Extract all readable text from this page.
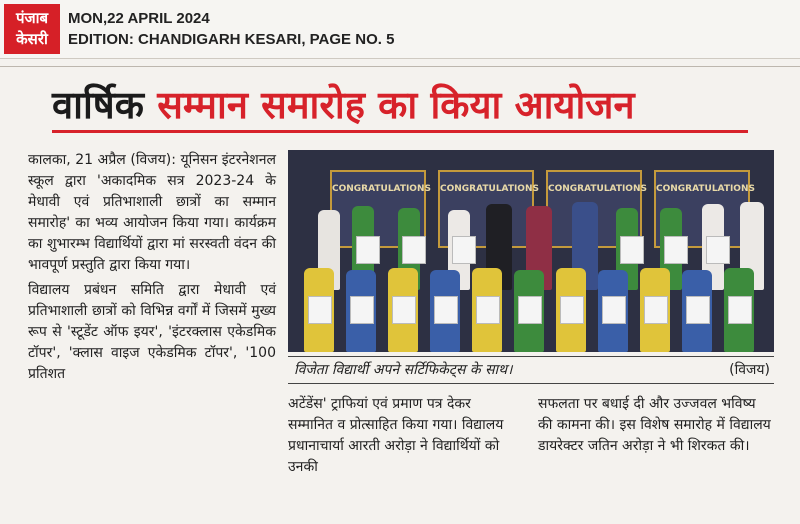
पंजाब
केसरी
MON,22 APRIL 2024
EDITION: CHANDIGARH KESARI, PAGE NO. 5
वार्षिक सम्मान समारोह का किया आयोजन

कालका, 21 अप्रैल (विजय): यूनिसन इंटरनेशनल स्कूल द्वारा 'अकादमिक सत्र 2023-24 के मेधावी एवं प्रतिभाशाली छात्रों का सम्मान समारोह' का भव्य आयोजन किया गया। कार्यक्रम का शुभारम्भ विद्यार्थियों द्वारा मां सरस्वती वंदन की भावपूर्ण प्रस्तुति द्वारा किया गया।

विद्यालय प्रबंधन समिति द्वारा मेधावी एवं प्रतिभाशाली छात्रों को विभिन्न वर्गों में जिसमें मुख्य रूप से 'स्टूडेंट ऑफ इयर', 'इंटरक्लास एकेडमिक टॉपर', 'क्लास वाइज एकेडमिक टॉपर', '100 प्रतिशत

CONGRATULATIONS CONGRATULATIONS CONGRATULATIONS CONGRATULATIONS
विजेता विद्यार्थी अपने सर्टिफिकेट्स के साथ।	(विजय)
अटेंडेंस' ट्राफियां एवं प्रमाण पत्र देकर सम्मानित व प्रोत्साहित किया गया। विद्यालय प्रधानाचार्या आरती अरोड़ा ने विद्यार्थियों को उनकी
सफलता पर बधाई दी और उज्जवल भविष्य की कामना की। इस विशेष समारोह में विद्यालय डायरेक्टर जतिन अरोड़ा ने भी शिरकत की।
